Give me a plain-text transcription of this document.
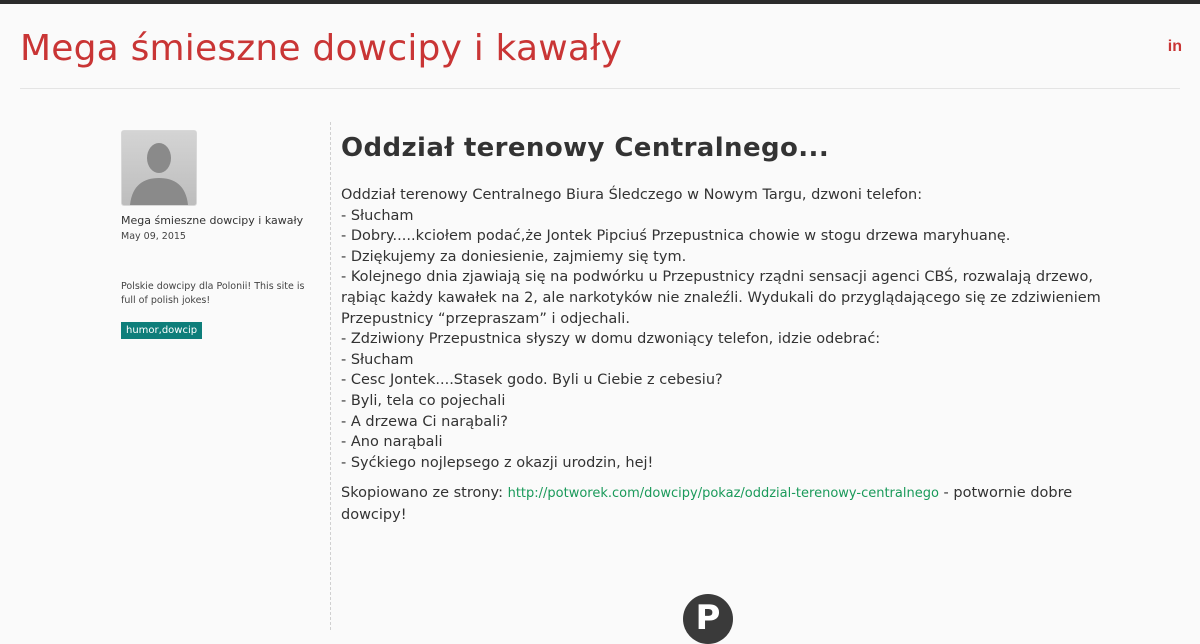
Mega śmieszne dowcipy i kawały	in
Mega śmieszne dowcipy i kawały
May 09, 2015
Polskie dowcipy dla Polonii! This site is full of polish jokes!
humor,dowcip
Oddział terenowy Centralnego...
Oddział terenowy Centralnego Biura Śledczego w Nowym Targu, dzwoni telefon:
- Słucham
- Dobry.....kciołem podać,że Jontek Pipciuś Przepustnica chowie w stogu drzewa maryhuanę.
- Dziękujemy za doniesienie, zajmiemy się tym.
- Kolejnego dnia zjawiają się na podwórku u Przepustnicy rządni sensacji agenci CBŚ, rozwalają drzewo,
rąbiąc każdy kawałek na 2, ale narkotyków nie znaleźli. Wydukali do przyglądającego się ze zdziwieniem
Przepustnicy “przepraszam” i odjechali.
- Zdziwiony Przepustnica słyszy w domu dzwoniący telefon, idzie odebrać:
- Słucham
- Cesc Jontek....Stasek godo. Byli u Ciebie z cebesiu?
- Byli, tela co pojechali
- A drzewa Ci narąbali?
- Ano narąbali
- Syćkiego nojlepsego z okazji urodzin, hej!
Skopiowano ze strony: http://potworek.com/dowcipy/pokaz/oddzial-terenowy-centralnego - potwornie dobre dowcipy!
P
